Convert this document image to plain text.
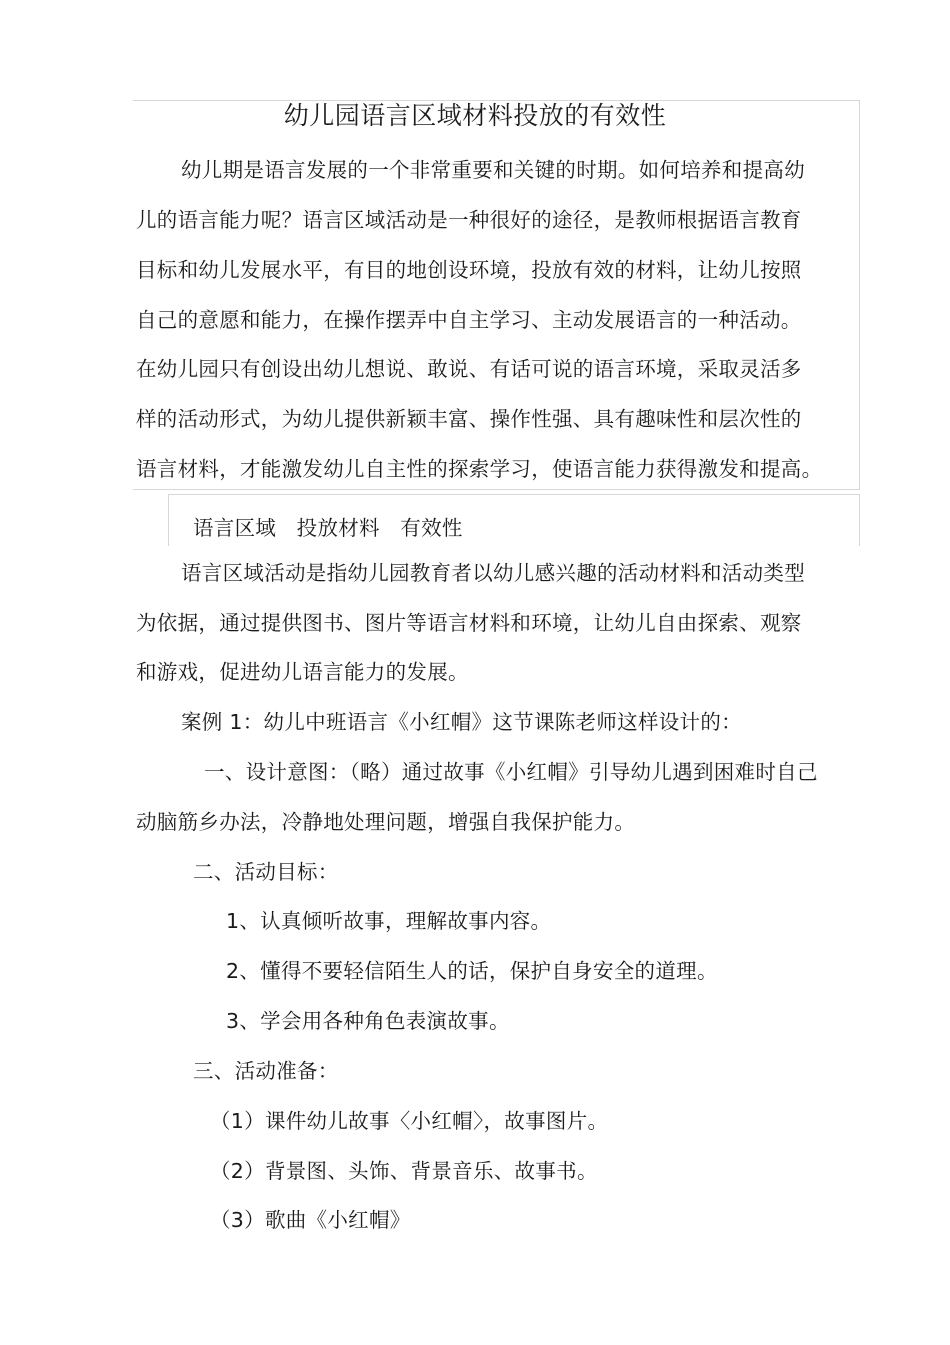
幼儿园语言区域材料投放的有效性
幼儿期是语言发展的一个非常重要和关键的时期。如何培养和提高幼
儿的语言能力呢？语言区域活动是一种很好的途径，是教师根据语言教育
目标和幼儿发展水平，有目的地创设环境，投放有效的材料，让幼儿按照
自己的意愿和能力，在操作摆弄中自主学习、主动发展语言的一种活动。
在幼儿园只有创设出幼儿想说、敢说、有话可说的语言环境，采取灵活多
样的活动形式，为幼儿提供新颖丰富、操作性强、具有趣味性和层次性的
语言材料，才能激发幼儿自主性的探索学习，使语言能力获得激发和提高。
语言区域   投放材料   有效性
语言区域活动是指幼儿园教育者以幼儿感兴趣的活动材料和活动类型
为依据，通过提供图书、图片等语言材料和环境，让幼儿自由探索、观察
和游戏，促进幼儿语言能力的发展。
案例 1：幼儿中班语言《小红帽》这节课陈老师这样设计的：
一、设计意图：（略）通过故事《小红帽》引导幼儿遇到困难时自己
动脑筋乡办法，冷静地处理问题，增强自我保护能力。
二、活动目标：
1、认真倾听故事，理解故事内容。
2、懂得不要轻信陌生人的话，保护自身安全的道理。
3、学会用各种角色表演故事。
三、活动准备：
（1）课件幼儿故事〈小红帽〉，故事图片。
（2）背景图、头饰、背景音乐、故事书。
（3）歌曲《小红帽》
